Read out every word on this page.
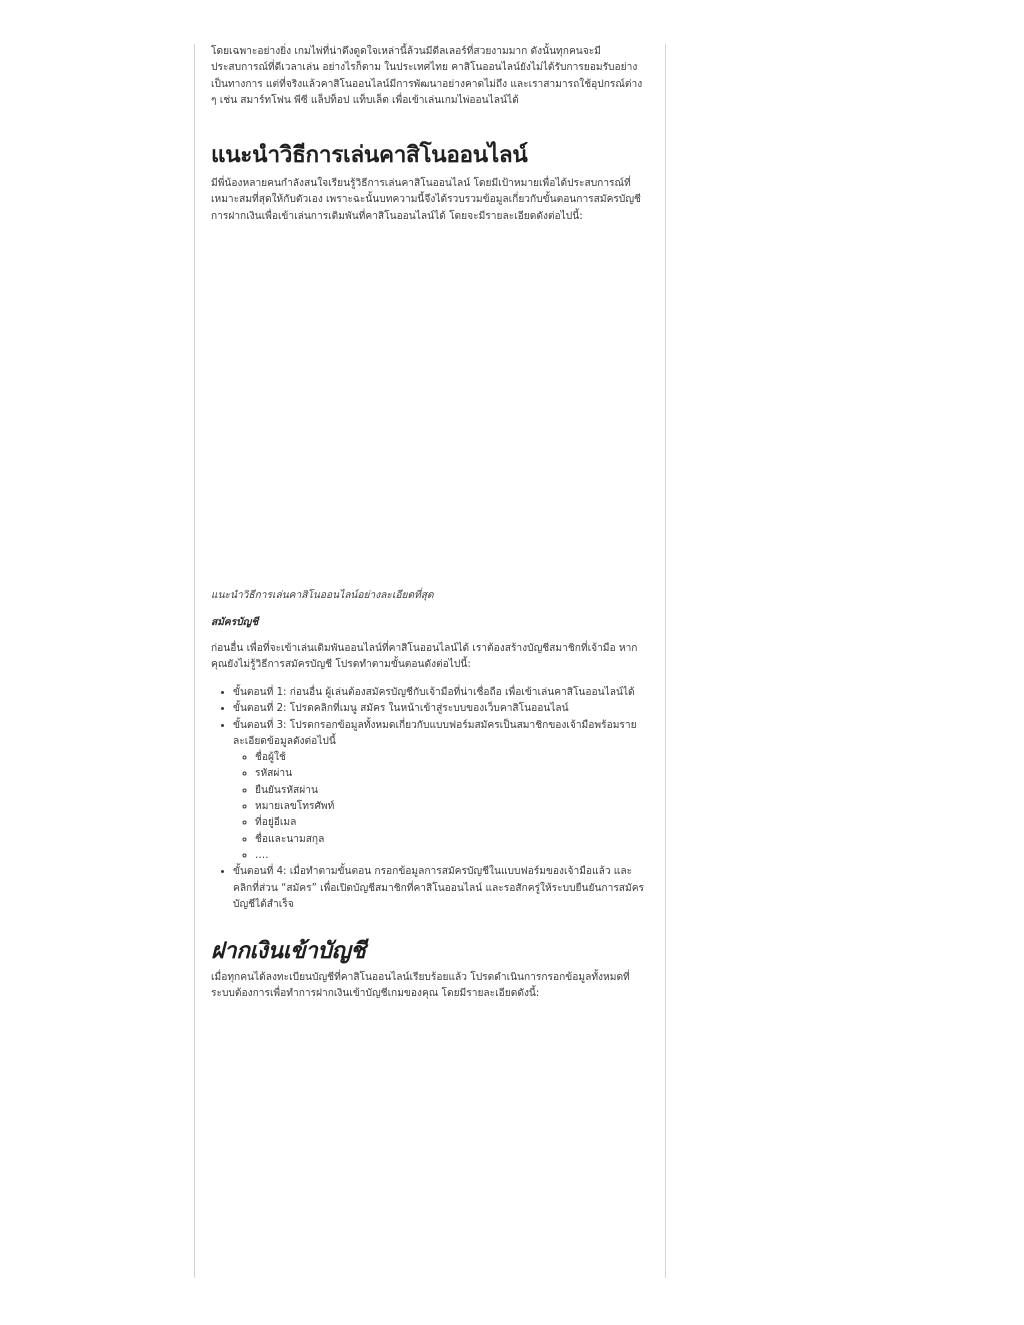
โดยเฉพาะอย่างยิ่ง เกมไพ่ที่น่าดึงดูดใจเหล่านี้ล้วนมีดีลเลอร์ที่สวยงามมาก ดังนั้นทุกคนจะมีประสบการณ์ที่ดีเวลาเล่น อย่างไรก็ตาม ในประเทศไทย คาสิโนออนไลน์ยังไม่ได้รับการยอมรับอย่างเป็นทางการ แต่ที่จริงแล้วคาสิโนออนไลน์มีการพัฒนาอย่างคาดไม่ถึง และเราสามารถใช้อุปกรณ์ต่าง ๆ เช่น สมาร์ทโฟน พีซี แล็ปท็อป แท็บเล็ต เพื่อเข้าเล่นเกมไพ่ออนไลน์ได้

แนะนำวิธีการเล่นคาสิโนออนไลน์

มีพี่น้องหลายคนกำลังสนใจเรียนรู้วิธีการเล่นคาสิโนออนไลน์ โดยมีเป้าหมายเพื่อได้ประสบการณ์ที่เหมาะสมที่สุดให้กับตัวเอง เพราะฉะนั้นบทความนี้จึงได้รวบรวมข้อมูลเกี่ยวกับขั้นตอนการสมัครบัญชี การฝากเงินเพื่อเข้าเล่นการเดิมพันที่คาสิโนออนไลน์ได้ โดยจะมีรายละเอียดดังต่อไปนี้:

แนะนำวิธีการเล่นคาสิโนออนไลน์อย่างละเอียดที่สุด
สมัครบัญชี

ก่อนอื่น เพื่อที่จะเข้าเล่นเดิมพันออนไลน์ที่คาสิโนออนไลน์ได้ เราต้องสร้างบัญชีสมาชิกที่เจ้ามือ หากคุณยังไม่รู้วิธีการสมัครบัญชี โปรดทำตามขั้นตอนดังต่อไปนี้:

• ขั้นตอนที่ 1: ก่อนอื่น ผู้เล่นต้องสมัครบัญชีกับเจ้ามือที่น่าเชื่อถือ เพื่อเข้าเล่นคาสิโนออนไลน์ได้
• ขั้นตอนที่ 2: โปรดคลิกที่เมนู สมัคร ในหน้าเข้าสู่ระบบของเว็บคาสิโนออนไลน์
• ขั้นตอนที่ 3: โปรดกรอกข้อมูลทั้งหมดเกี่ยวกับแบบฟอร์มสมัครเป็นสมาชิกของเจ้ามือพร้อมรายละเอียดข้อมูลดังต่อไปนี้
◦ ชื่อผู้ใช้
◦ รหัสผ่าน
◦ ยืนยันรหัสผ่าน
◦ หมายเลขโทรศัพท์
◦ ที่อยู่อีเมล
◦ ชื่อและนามสกุล
◦ ….
• ขั้นตอนที่ 4: เมื่อทำตามขั้นตอน กรอกข้อมูลการสมัครบัญชีในแบบฟอร์มของเจ้ามือแล้ว และคลิกที่ส่วน “สมัคร” เพื่อเปิดบัญชีสมาชิกที่คาสิโนออนไลน์ และรอสักครู่ให้ระบบยืนยันการสมัครบัญชีได้สำเร็จ
ฝากเงินเข้าบัญชี

เมื่อทุกคนได้ลงทะเบียนบัญชีที่คาสิโนออนไลน์เรียบร้อยแล้ว โปรดดำเนินการกรอกข้อมูลทั้งหมดที่ระบบต้องการเพื่อทำการฝากเงินเข้าบัญชีเกมของคุณ โดยมีรายละเอียดดังนี้:
